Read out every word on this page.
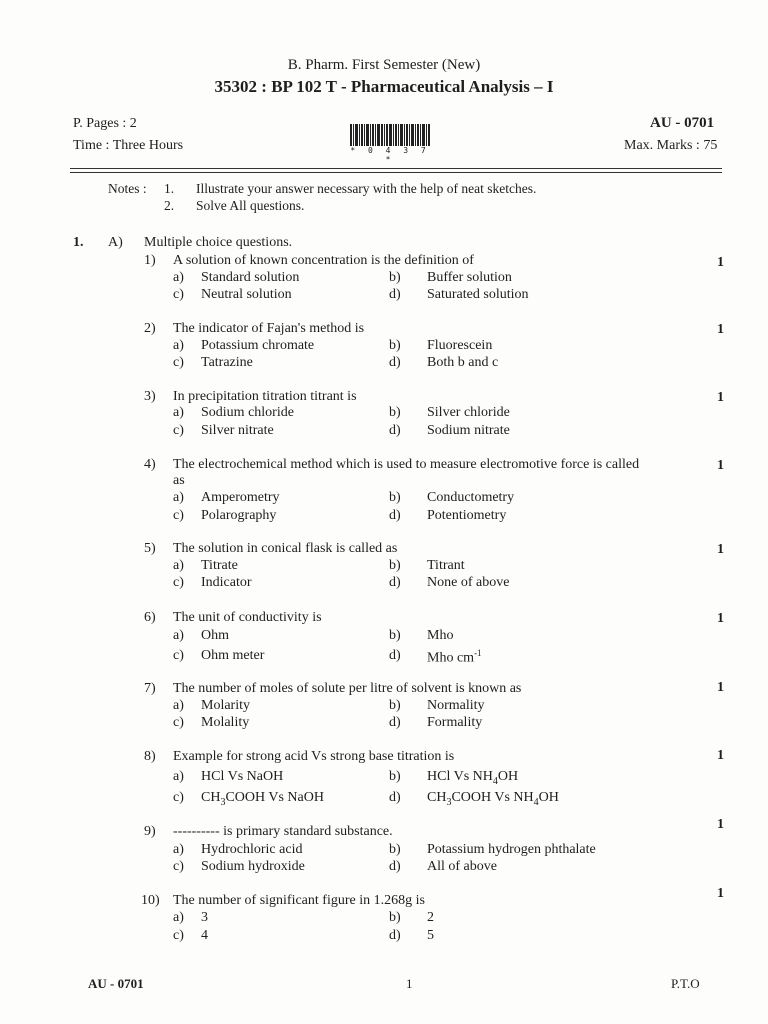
B. Pharm. First Semester (New)
35302 : BP 102 T - Pharmaceutical Analysis – I
P. Pages : 2
Time : Three Hours
AU - 0701
Max. Marks : 75
* 0 4 3 7 *
Notes : 1. Illustrate your answer necessary with the help of neat sketches.
2. Solve All questions.
1. A) Multiple choice questions.
1) A solution of known concentration is the definition of	1
a) Standard solution	b) Buffer solution
c) Neutral solution	d) Saturated solution
2) The indicator of Fajan's method is	1
a) Potassium chromate	b) Fluorescein
c) Tatrazine	d) Both b and c
3) In precipitation titration titrant is	1
a) Sodium chloride	b) Silver chloride
c) Silver nitrate	d) Sodium nitrate
4) The electrochemical method which is used to measure electromotive force is called
as
1
a) Amperometry	b) Conductometry
c) Polarography	d) Potentiometry
5) The solution in conical flask is called as	1
a) Titrate	b) Titrant
c) Indicator	d) None of above
6) The unit of conductivity is	1
a) Ohm	b) Mho
c) Ohm meter	d) Mho $cm^{-1}$
7) The number of moles of solute per litre of solvent is known as	1
a) Molarity	b) Normality
c) Molality	d) Formality
8) Example for strong acid Vs strong base titration is	1
a) HCl Vs NaOH	b) HCl Vs $NH_4OH$
c) $CH_3COOH$ Vs NaOH	d) $CH_3COOH$ Vs $NH_4OH$
9) ---------- is primary standard substance.	1
a) Hydrochloric acid	b) Potassium hydrogen phthalate
c) Sodium hydroxide	d) All of above
10) The number of significant figure in 1.268g is	1
a) 3	b) 2
c) 4	d) 5
AU - 0701	1	P.T.O
